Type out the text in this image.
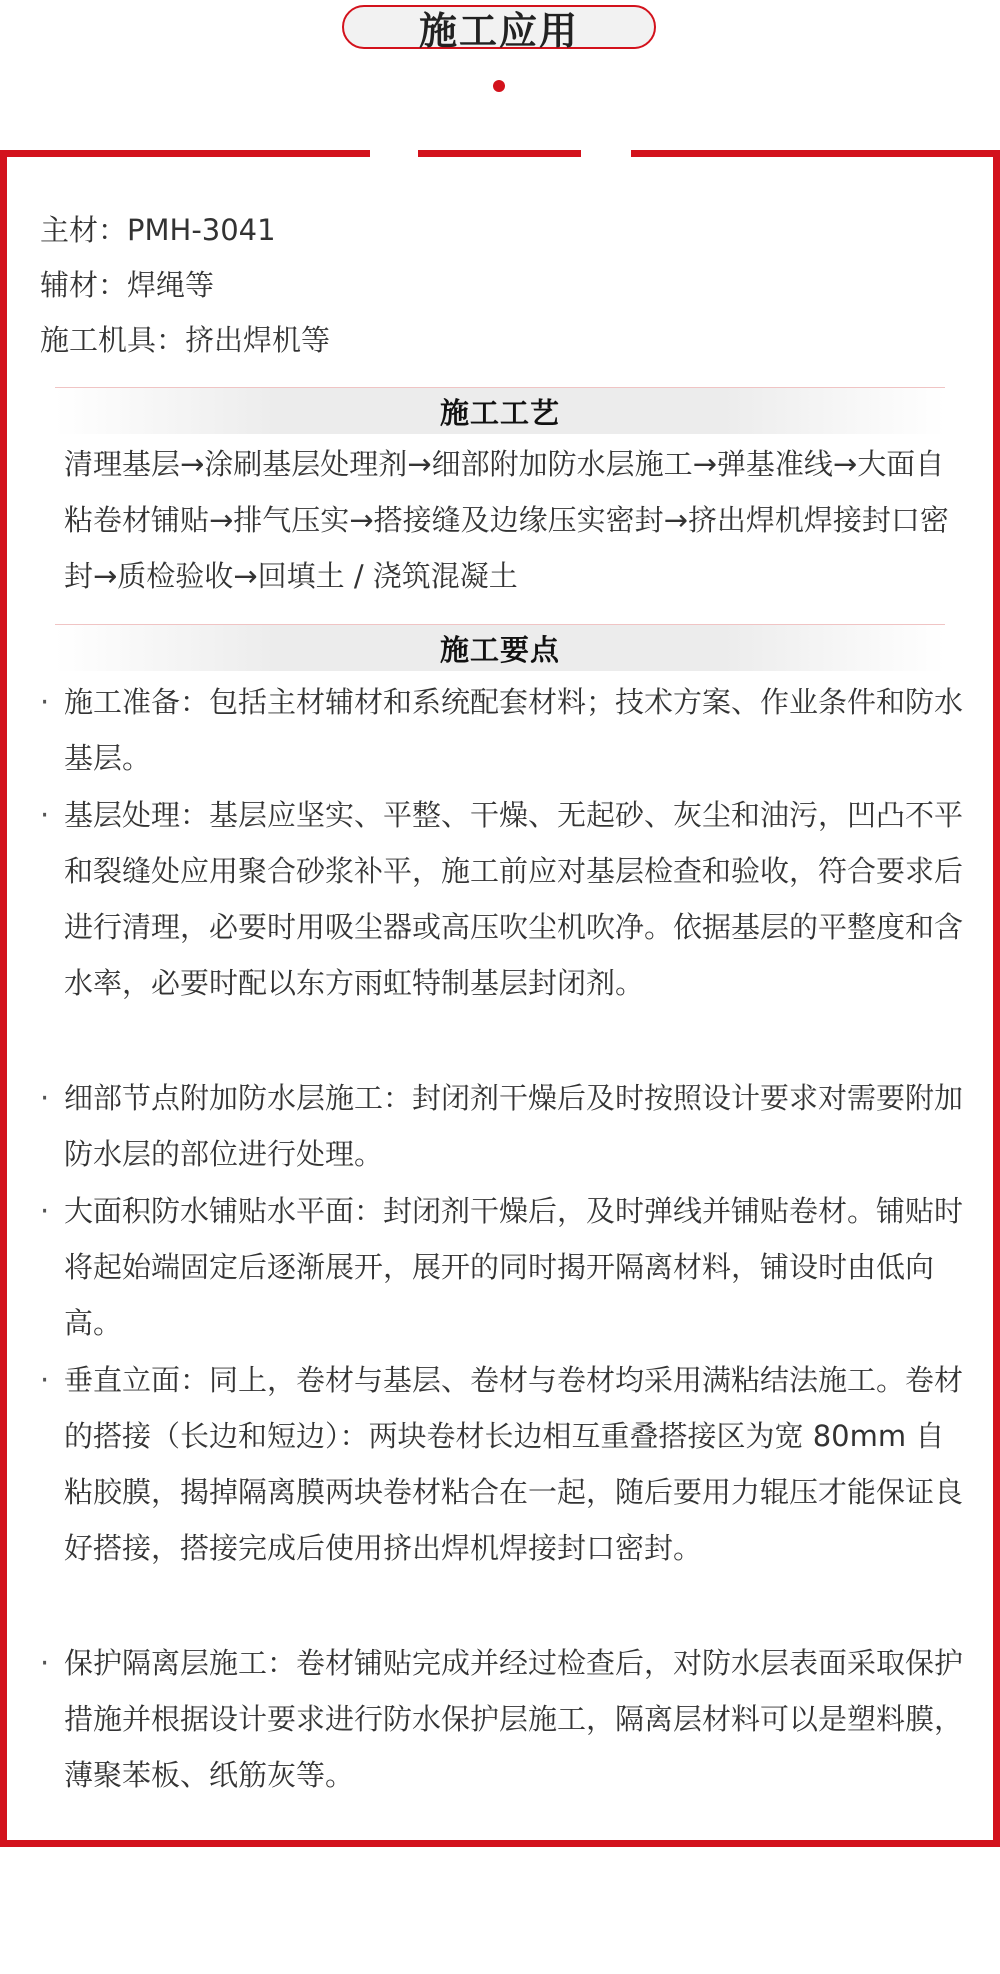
施工应用
主材：PMH-3041
辅材：焊绳等
施工机具：挤出焊机等
施工工艺
清理基层→涂刷基层处理剂→细部附加防水层施工→弹基准线→大面自粘卷材铺贴→排气压实→搭接缝及边缘压实密封→挤出焊机焊接封口密封→质检验收→回填土 / 浇筑混凝土
施工要点
· 施工准备：包括主材辅材和系统配套材料；技术方案、作业条件和防水基层。
· 基层处理：基层应坚实、平整、干燥、无起砂、灰尘和油污，凹凸不平和裂缝处应用聚合砂浆补平，施工前应对基层检查和验收，符合要求后进行清理，必要时用吸尘器或高压吹尘机吹净。依据基层的平整度和含水率，必要时配以东方雨虹特制基层封闭剂。
· 细部节点附加防水层施工：封闭剂干燥后及时按照设计要求对需要附加防水层的部位进行处理。
· 大面积防水铺贴水平面：封闭剂干燥后，及时弹线并铺贴卷材。铺贴时将起始端固定后逐渐展开，展开的同时揭开隔离材料，铺设时由低向高。
· 垂直立面：同上，卷材与基层、卷材与卷材均采用满粘结法施工。卷材的搭接（长边和短边）：两块卷材长边相互重叠搭接区为宽 80mm 自粘胶膜，揭掉隔离膜两块卷材粘合在一起，随后要用力辊压才能保证良好搭接，搭接完成后使用挤出焊机焊接封口密封。
· 保护隔离层施工：卷材铺贴完成并经过检查后，对防水层表面采取保护措施并根据设计要求进行防水保护层施工，隔离层材料可以是塑料膜，薄聚苯板、纸筋灰等。
